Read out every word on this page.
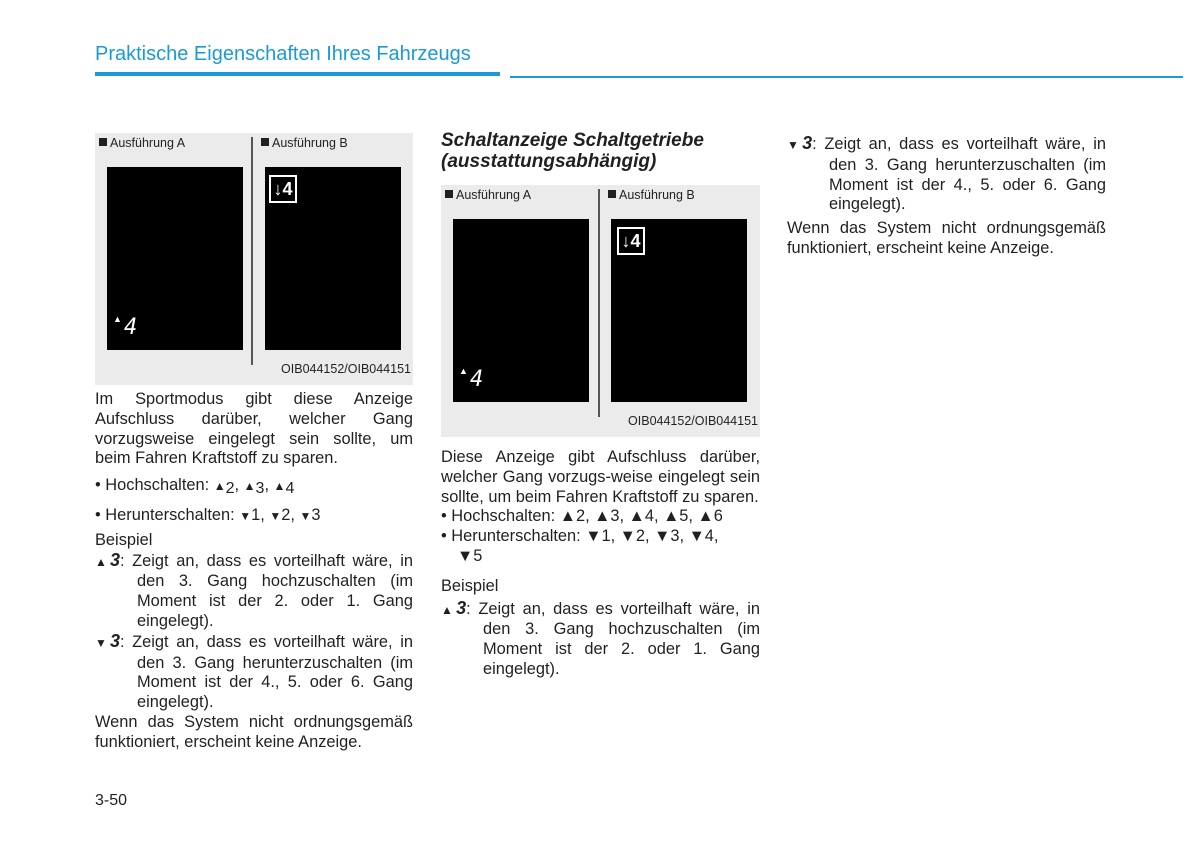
Praktische Eigenschaften Ihres Fahrzeugs
Ausführung A	Ausführung B
▲ 4
↓4
OIB044152/OIB044151

Im Sportmodus gibt diese Anzeige Aufschluss darüber, welcher Gang vorzugsweise eingelegt sein sollte, um beim Fahren Kraftstoff zu sparen.

• Hochschalten: ▲2, ▲3, ▲4

• Herunterschalten: ▼1, ▼2, ▼3

Beispiel

▲3: Zeigt an, dass es vorteilhaft wäre, in den 3. Gang hochzuschalten (im Moment ist der 2. oder 1. Gang eingelegt).

▼3: Zeigt an, dass es vorteilhaft wäre, in den 3. Gang herunterzuschalten (im Moment ist der 4., 5. oder 6. Gang eingelegt).

Wenn das System nicht ordnungsgemäß funktioniert, erscheint keine Anzeige.

Schaltanzeige Schaltgetriebe (ausstattungsabhängig)

Ausführung A	Ausführung B
▲ 4
↓4
OIB044152/OIB044151

Diese Anzeige gibt Aufschluss darüber, welcher Gang vorzugs-weise eingelegt sein sollte, um beim Fahren Kraftstoff zu sparen.

• Hochschalten: ▲2, ▲3, ▲4, ▲5, ▲6

• Herunterschalten: ▼1, ▼2, ▼3, ▼4,
▼5

Beispiel

▲3: Zeigt an, dass es vorteilhaft wäre, in den 3. Gang hochzuschalten (im Moment ist der 2. oder 1. Gang eingelegt).

▼3: Zeigt an, dass es vorteilhaft wäre, in den 3. Gang herunterzuschalten (im Moment ist der 4., 5. oder 6. Gang eingelegt).

Wenn das System nicht ordnungsgemäß funktioniert, erscheint keine Anzeige.

3-50
